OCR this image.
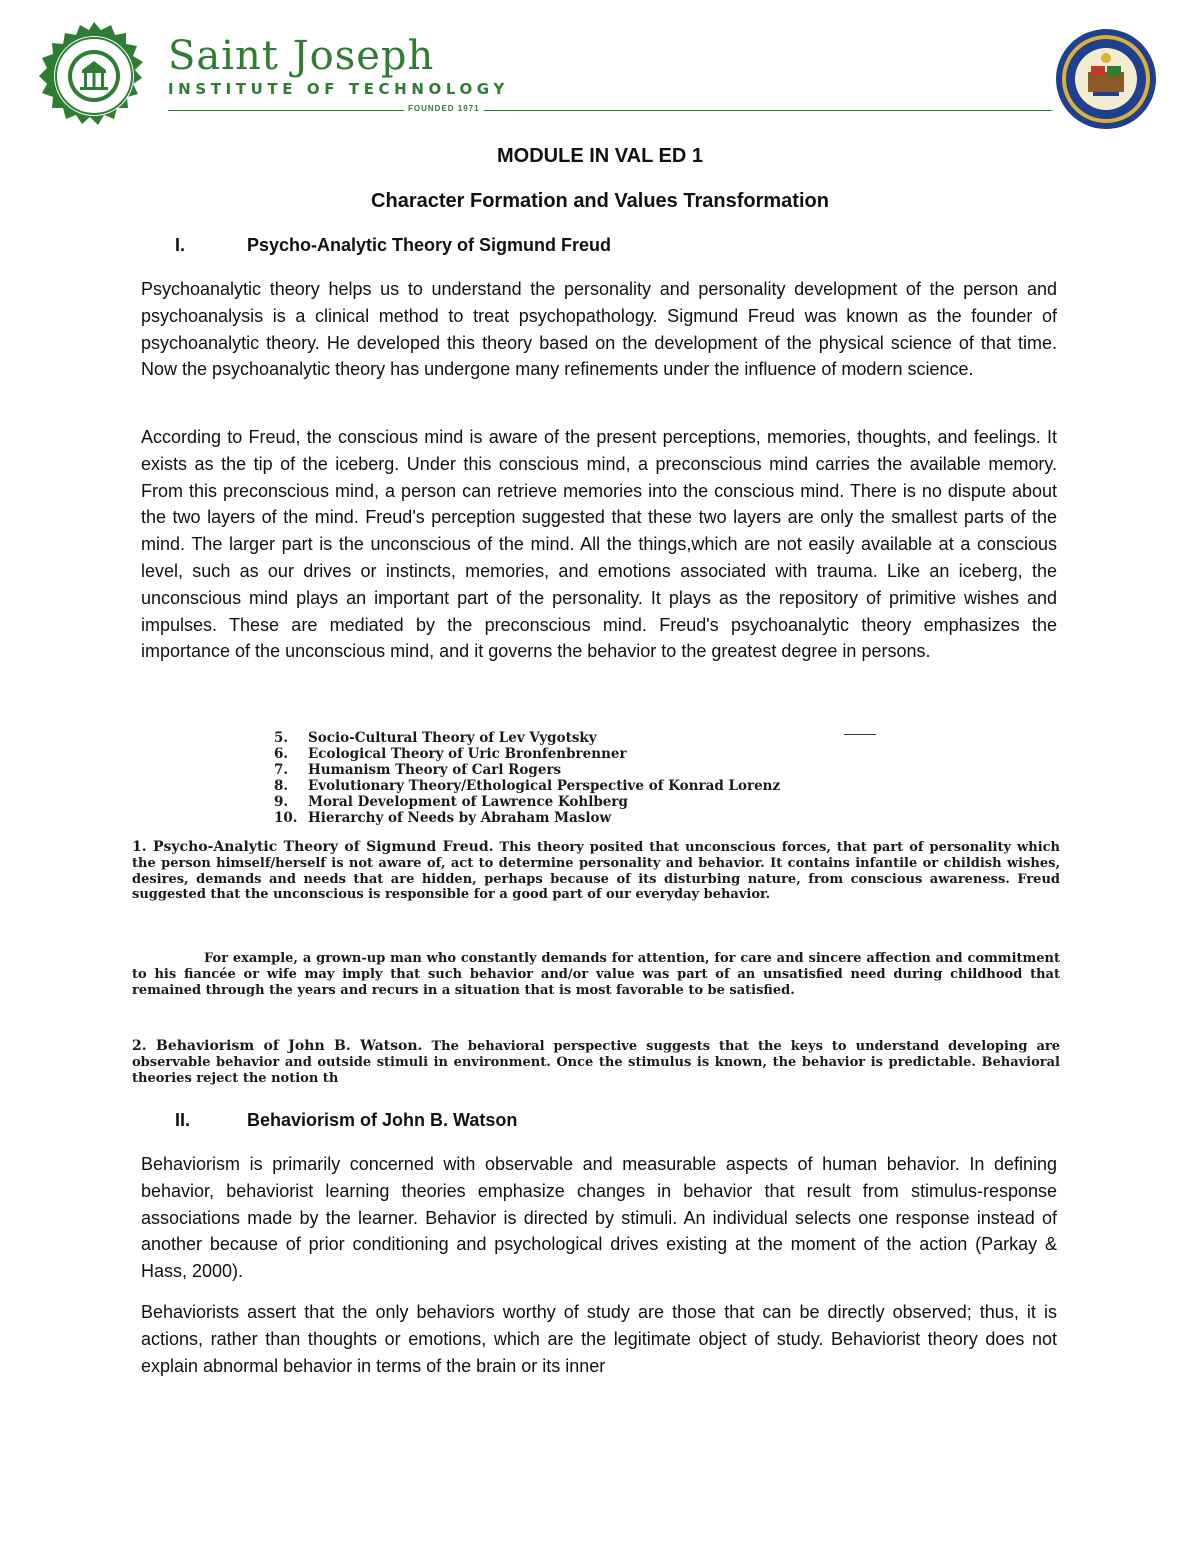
Saint Joseph
INSTITUTE OF TECHNOLOGY
FOUNDED 1971
MODULE IN VAL ED 1
Character Formation and Values Transformation
I.	Psycho-Analytic Theory of Sigmund Freud

Psychoanalytic theory helps us to understand the personality and personality development of the person and psychoanalysis is a clinical method to treat psychopathology. Sigmund Freud was known as the founder of psychoanalytic theory. He developed this theory based on the development of the physical science of that time. Now the psychoanalytic theory has undergone many refinements under the influence of modern science.

According to Freud, the conscious mind is aware of the present perceptions, memories, thoughts, and feelings. It exists as the tip of the iceberg. Under this conscious mind, a preconscious mind carries the available memory. From this preconscious mind, a person can retrieve memories into the conscious mind. There is no dispute about the two layers of the mind. Freud's perception suggested that these two layers are only the smallest parts of the mind. The larger part is the unconscious of the mind. All the things,which are not easily available at a conscious level, such as our drives or instincts, memories, and emotions associated with trauma. Like an iceberg, the unconscious mind plays an important part of the personality. It plays as the repository of primitive wishes and impulses. These are mediated by the preconscious mind. Freud's psychoanalytic theory emphasizes the importance of the unconscious mind, and it governs the behavior to the greatest degree in persons.

5. Socio-Cultural Theory of Lev Vygotsky
6. Ecological Theory of Uric Bronfenbrenner
7. Humanism Theory of Carl Rogers
8. Evolutionary Theory/Ethological Perspective of Konrad Lorenz
9. Moral Development of Lawrence Kohlberg
10. Hierarchy of Needs by Abraham Maslow

1. Psycho-Analytic Theory of Sigmund Freud. This theory posited that unconscious forces, that part of personality which the person himself/herself is not aware of, act to determine personality and behavior. It contains infantile or childish wishes, desires, demands and needs that are hidden, perhaps because of its disturbing nature, from conscious awareness. Freud suggested that the unconscious is responsible for a good part of our everyday behavior.

For example, a grown-up man who constantly demands for attention, for care and sincere affection and commitment to his fiancée or wife may imply that such behavior and/or value was part of an unsatisfied need during childhood that remained through the years and recurs in a situation that is most favorable to be satisfied.

2. Behaviorism of John B. Watson. The behavioral perspective suggests that the keys to understand developing are observable behavior and outside stimuli in environment. Once the stimulus is known, the behavior is predictable. Behavioral theories reject the notion th

II.	Behaviorism of John B. Watson

Behaviorism is primarily concerned with observable and measurable aspects of human behavior. In defining behavior, behaviorist learning theories emphasize changes in behavior that result from stimulus-response associations made by the learner. Behavior is directed by stimuli. An individual selects one response instead of another because of prior conditioning and psychological drives existing at the moment of the action (Parkay & Hass, 2000).

Behaviorists assert that the only behaviors worthy of study are those that can be directly observed; thus, it is actions, rather than thoughts or emotions, which are the legitimate object of study. Behaviorist theory does not explain abnormal behavior in terms of the brain or its inner
